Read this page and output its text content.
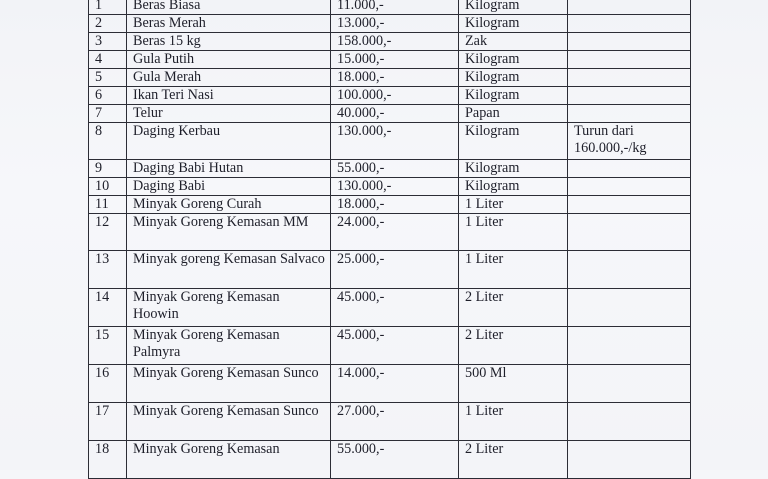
1	Beras Biasa	11.000,-	Kilogram	
2	Beras Merah	13.000,-	Kilogram	
3	Beras 15 kg	158.000,-	Zak	
4	Gula Putih	15.000,-	Kilogram	
5	Gula Merah	18.000,-	Kilogram	
6	Ikan Teri Nasi	100.000,-	Kilogram	
7	Telur	40.000,-	Papan	
8	Daging Kerbau	130.000,-	Kilogram	Turun dari 160.000,-/kg
9	Daging Babi Hutan	55.000,-	Kilogram	
10	Daging Babi	130.000,-	Kilogram	
11	Minyak Goreng Curah	18.000,-	1 Liter	
12	Minyak Goreng Kemasan MM	24.000,-	1 Liter	
13	Minyak goreng Kemasan Salvaco	25.000,-	1 Liter	
14	Minyak Goreng Kemasan Hoowin	45.000,-	2 Liter	
15	Minyak Goreng Kemasan Palmyra	45.000,-	2 Liter	
16	Minyak Goreng Kemasan Sunco	14.000,-	500 Ml	
17	Minyak Goreng Kemasan Sunco	27.000,-	1 Liter	
18	Minyak Goreng Kemasan	55.000,-	2 Liter	
